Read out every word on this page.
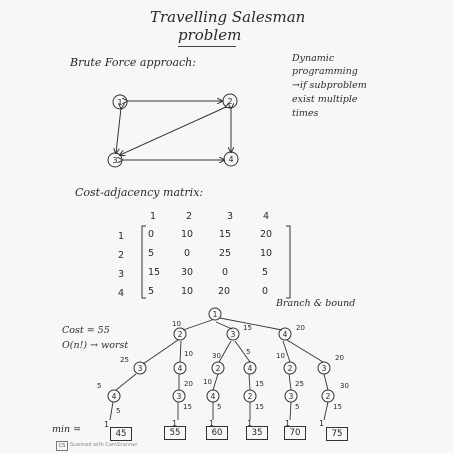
Travelling Salesman
problem
Brute Force approach:	Dynamic
programming
→if subproblem
exist multiple
times
1	2
3	4
Cost-adjacency matrix:
1	2	3	4
1
2
3
4
0	10	15	20
5	0	25	10
15 30	0	5
5	10	20	0
Branch & bound
Cost = 55
O(n!) → worst
1
2	3	4
10	15	20
3	4	2	4	2	3
25
10	30	5	10	20
4	3	4	2	3	2
5	20 10	15	25	30
5	15	5	15	5	15
1	1	1	1	1	1
min =	45	55	60	35	70	75
CS Scanned with CamScanner
